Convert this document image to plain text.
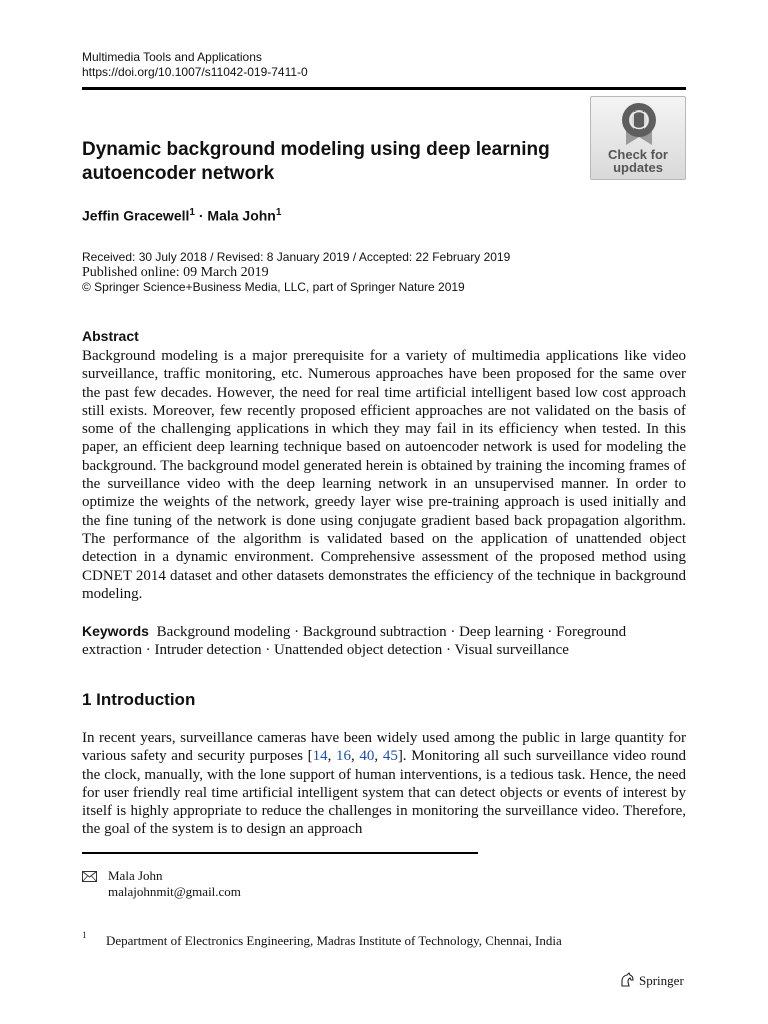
Multimedia Tools and Applications
https://doi.org/10.1007/s11042-019-7411-0
Check for
updates
Dynamic background modeling using deep learning
autoencoder network
Jeffin Gracewell$^1$ · Mala John$^1$
Received: 30 July 2018 / Revised: 8 January 2019 / Accepted: 22 February 2019
Published online: 09 March 2019
© Springer Science+Business Media, LLC, part of Springer Nature 2019
Abstract
Background modeling is a major prerequisite for a variety of multimedia applications like video surveillance, traffic monitoring, etc. Numerous approaches have been proposed for the same over the past few decades. However, the need for real time artificial intelligent based low cost approach still exists. Moreover, few recently proposed efficient approaches are not validated on the basis of some of the challenging applications in which they may fail in its efficiency when tested. In this paper, an efficient deep learning technique based on autoencoder network is used for modeling the background. The background model generated herein is obtained by training the incoming frames of the surveillance video with the deep learning network in an unsupervised manner. In order to optimize the weights of the network, greedy layer wise pre-training approach is used initially and the fine tuning of the network is done using conjugate gradient based back propagation algorithm. The performance of the algorithm is validated based on the application of unattended object detection in a dynamic environment. Comprehensive assessment of the proposed method using CDNET 2014 dataset and other datasets demonstrates the efficiency of the technique in background modeling.
Keywords Background modeling · Background subtraction · Deep learning · Foreground extraction · Intruder detection · Unattended object detection · Visual surveillance
1 Introduction
In recent years, surveillance cameras have been widely used among the public in large quantity for various safety and security purposes [14, 16, 40, 45]. Monitoring all such surveillance video round the clock, manually, with the lone support of human interventions, is a tedious task. Hence, the need for user friendly real time artificial intelligent system that can detect objects or events of interest by itself is highly appropriate to reduce the challenges in monitoring the surveillance video. Therefore, the goal of the system is to design an approach
Mala John
malajohnmit@gmail.com
1 Department of Electronics Engineering, Madras Institute of Technology, Chennai, India
Springer
